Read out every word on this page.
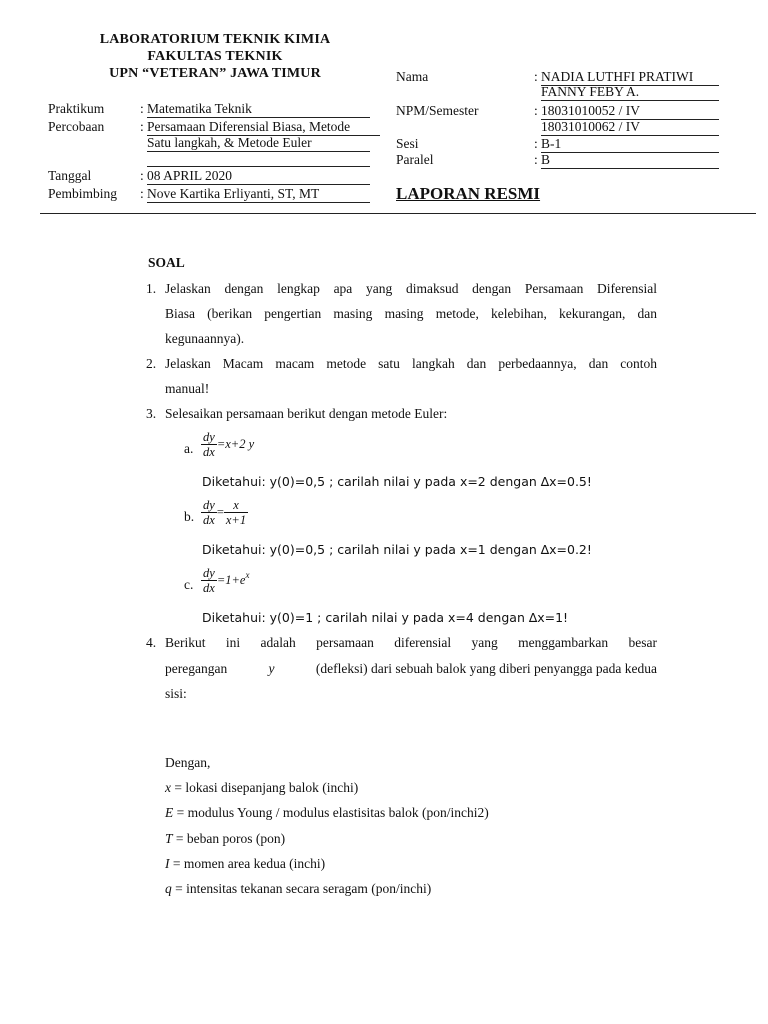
LABORATORIUM TEKNIK KIMIA
FAKULTAS TEKNIK
UPN “VETERAN” JAWA TIMUR
Praktikum	: Matematika Teknik
Percobaan	: Persamaan Diferensial Biasa, Metode
Satu langkah, & Metode Euler
Tanggal	: 08 APRIL 2020
Pembimbing : Nove Kartika Erliyanti, ST, MT
Nama	: NADIA LUTHFI PRATIWI
FANNY FEBY A.
NPM/Semester	: 18031010052 / IV
18031010062 / IV
Sesi	: B-1
Paralel	: B
LAPORAN RESMI
SOAL
1. Jelaskan dengan lengkap apa yang dimaksud dengan Persamaan Diferensial
Biasa (berikan pengertian masing masing metode, kelebihan, kekurangan, dan
kegunaannya).
2. Jelaskan Macam macam metode satu langkah dan perbedaannya, dan contoh
manual!
3. Selesaikan persamaan berikut dengan metode Euler:
a. $\frac{dy}{dx} =x+2$ y
Diketahui: y(0)=0,5 ; carilah nilai y pada x=2 dengan ∆x=0.5!
b. $\frac{dy}{dx} = \frac{x}{x+1}$
Diketahui: y(0)=0,5 ; carilah nilai y pada x=1 dengan ∆x=0.2!
c. $\frac{dy}{dx} =1+e^x$
Diketahui: y(0)=1 ; carilah nilai y pada x=4 dengan ∆x=1!
4. Berikut ini adalah persamaan diferensial yang menggambarkan besar
peregangan	y	(defleksi) dari sebuah balok yang diberi penyangga pada kedua
sisi:
Dengan,
x = lokasi disepanjang balok (inchi)
E = modulus Young / modulus elastisitas balok (pon/inchi2)
T = beban poros (pon)
I = momen area kedua (inchi)
q = intensitas tekanan secara seragam (pon/inchi)
